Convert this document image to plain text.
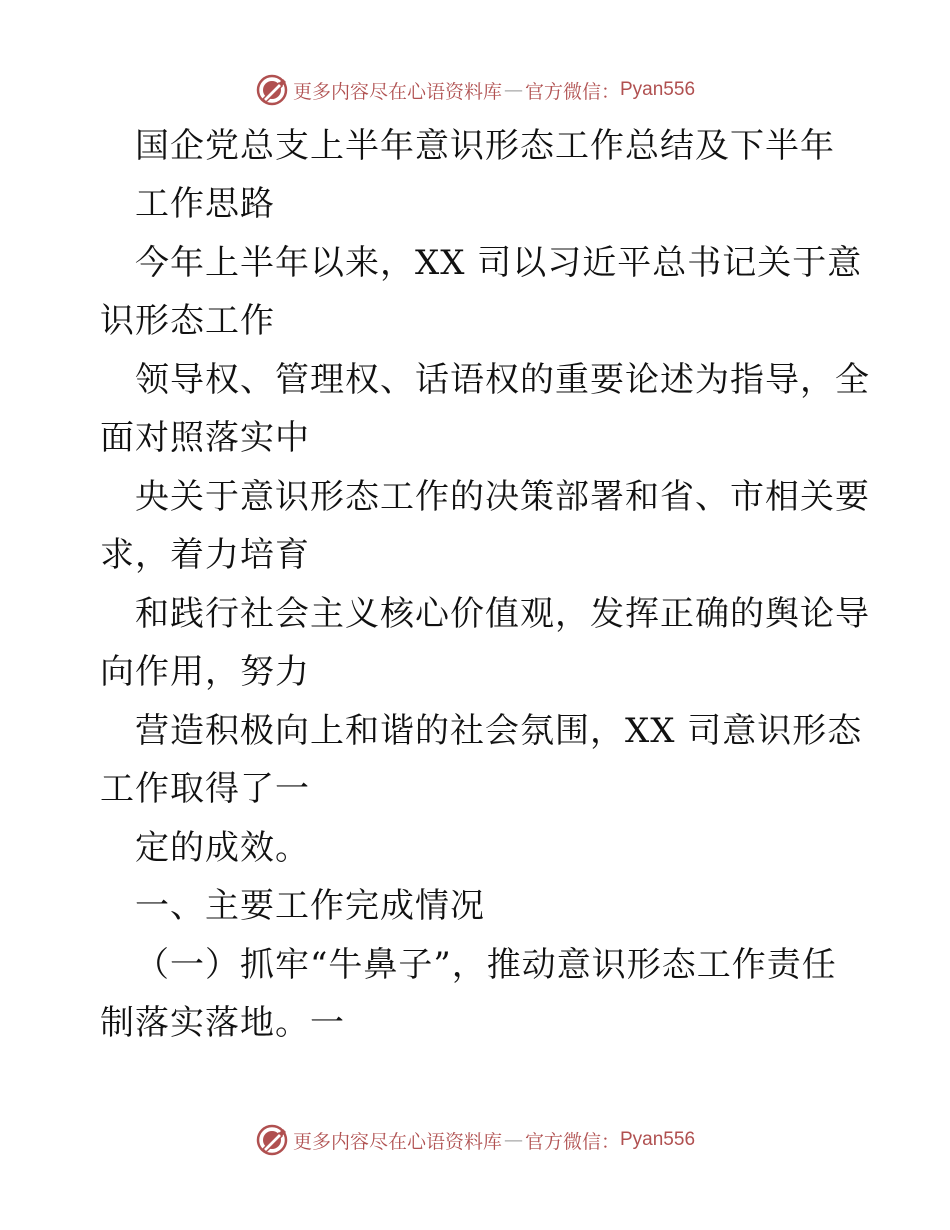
更多内容尽在心语资料库 — 官方微信： Pyan556
国企党总支上半年意识形态工作总结及下半年
工作思路
今年上半年以来，XX 司以习近平总书记关于意
识形态工作
领导权、管理权、话语权的重要论述为指导，全
面对照落实中
央关于意识形态工作的决策部署和省、市相关要
求，着力培育
和践行社会主义核心价值观，发挥正确的舆论导
向作用，努力
营造积极向上和谐的社会氛围，XX 司意识形态
工作取得了一
定的成效。
一、主要工作完成情况
（一）抓牢“牛鼻子”，推动意识形态工作责任
制落实落地。一
更多内容尽在心语资料库 — 官方微信： Pyan556
